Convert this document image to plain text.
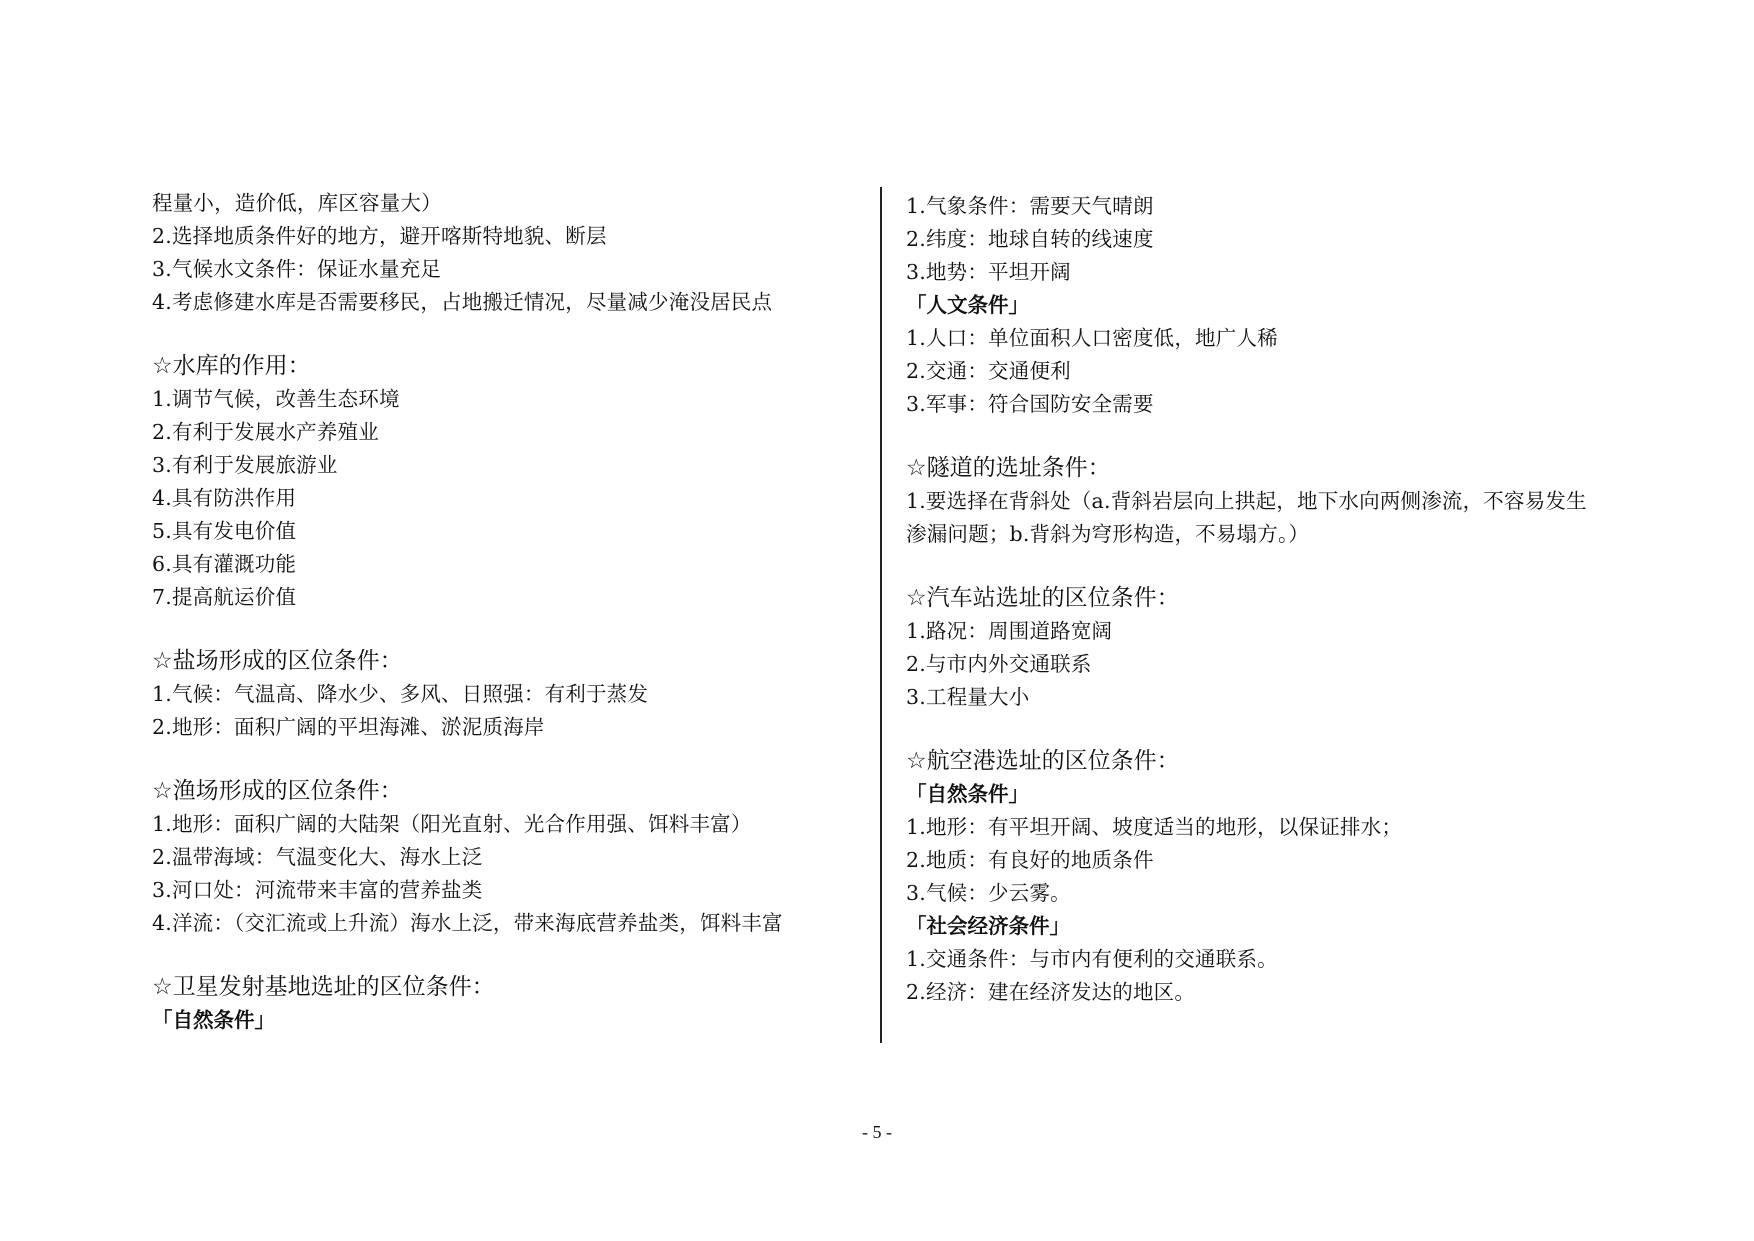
程量小，造价低，库区容量大）
2.选择地质条件好的地方，避开喀斯特地貌、断层
3.气候水文条件：保证水量充足
4.考虑修建水库是否需要移民，占地搬迁情况，尽量减少淹没居民点
☆水库的作用：
1.调节气候，改善生态环境
2.有利于发展水产养殖业
3.有利于发展旅游业
4.具有防洪作用
5.具有发电价值
6.具有灌溉功能
7.提高航运价值
☆盐场形成的区位条件：
1.气候：气温高、降水少、多风、日照强：有利于蒸发
2.地形：面积广阔的平坦海滩、淤泥质海岸
☆渔场形成的区位条件：
1.地形：面积广阔的大陆架（阳光直射、光合作用强、饵料丰富）
2.温带海域：气温变化大、海水上泛
3.河口处：河流带来丰富的营养盐类
4.洋流：（交汇流或上升流）海水上泛，带来海底营养盐类，饵料丰富
☆卫星发射基地选址的区位条件：
「自然条件」
1.气象条件：需要天气晴朗
2.纬度：地球自转的线速度
3.地势：平坦开阔
「人文条件」
1.人口：单位面积人口密度低，地广人稀
2.交通：交通便利
3.军事：符合国防安全需要
☆隧道的选址条件：
1.要选择在背斜处（a.背斜岩层向上拱起，地下水向两侧渗流，不容易发生
渗漏问题；b.背斜为穹形构造，不易塌方。）
☆汽车站选址的区位条件：
1.路况：周围道路宽阔
2.与市内外交通联系
3.工程量大小
☆航空港选址的区位条件：
「自然条件」
1.地形：有平坦开阔、坡度适当的地形，以保证排水；
2.地质：有良好的地质条件
3.气候：少云雾。
「社会经济条件」
1.交通条件：与市内有便利的交通联系。
2.经济：建在经济发达的地区。
- 5 -
